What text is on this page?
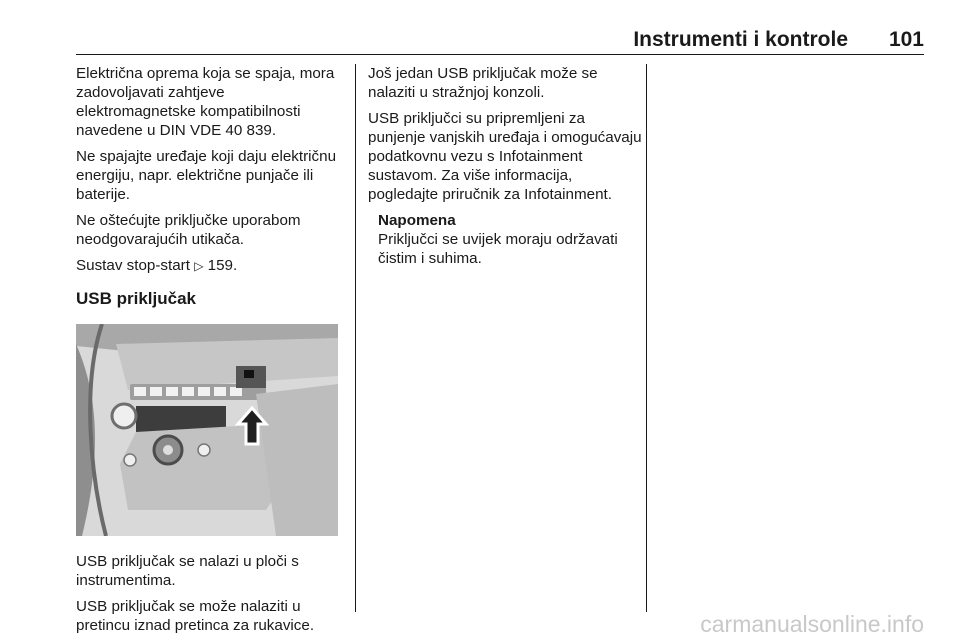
Instrumenti i kontrole 101

Električna oprema koja se spaja, mora zadovoljavati zahtjeve elektromagnetske kompatibilnosti navedene u DIN VDE 40 839.

Ne spajajte uređaje koji daju električnu energiju, napr. električne punjače ili baterije.

Ne oštećujte priključke uporabom neodgovarajućih utikača.

Sustav stop-start ▷ 159.

USB priključak

USB priključak se nalazi u ploči s instrumentima.

USB priključak se može nalaziti u pretincu iznad pretinca za rukavice.

Još jedan USB priključak može se nalaziti u stražnjoj konzoli.

USB priključci su pripremljeni za punjenje vanjskih uređaja i omogućavaju podatkovnu vezu s Infotainment sustavom. Za više informacija, pogledajte priručnik za Infotainment.

Napomena

Priključci se uvijek moraju održavati čistim i suhima.

carmanualsonline.info
